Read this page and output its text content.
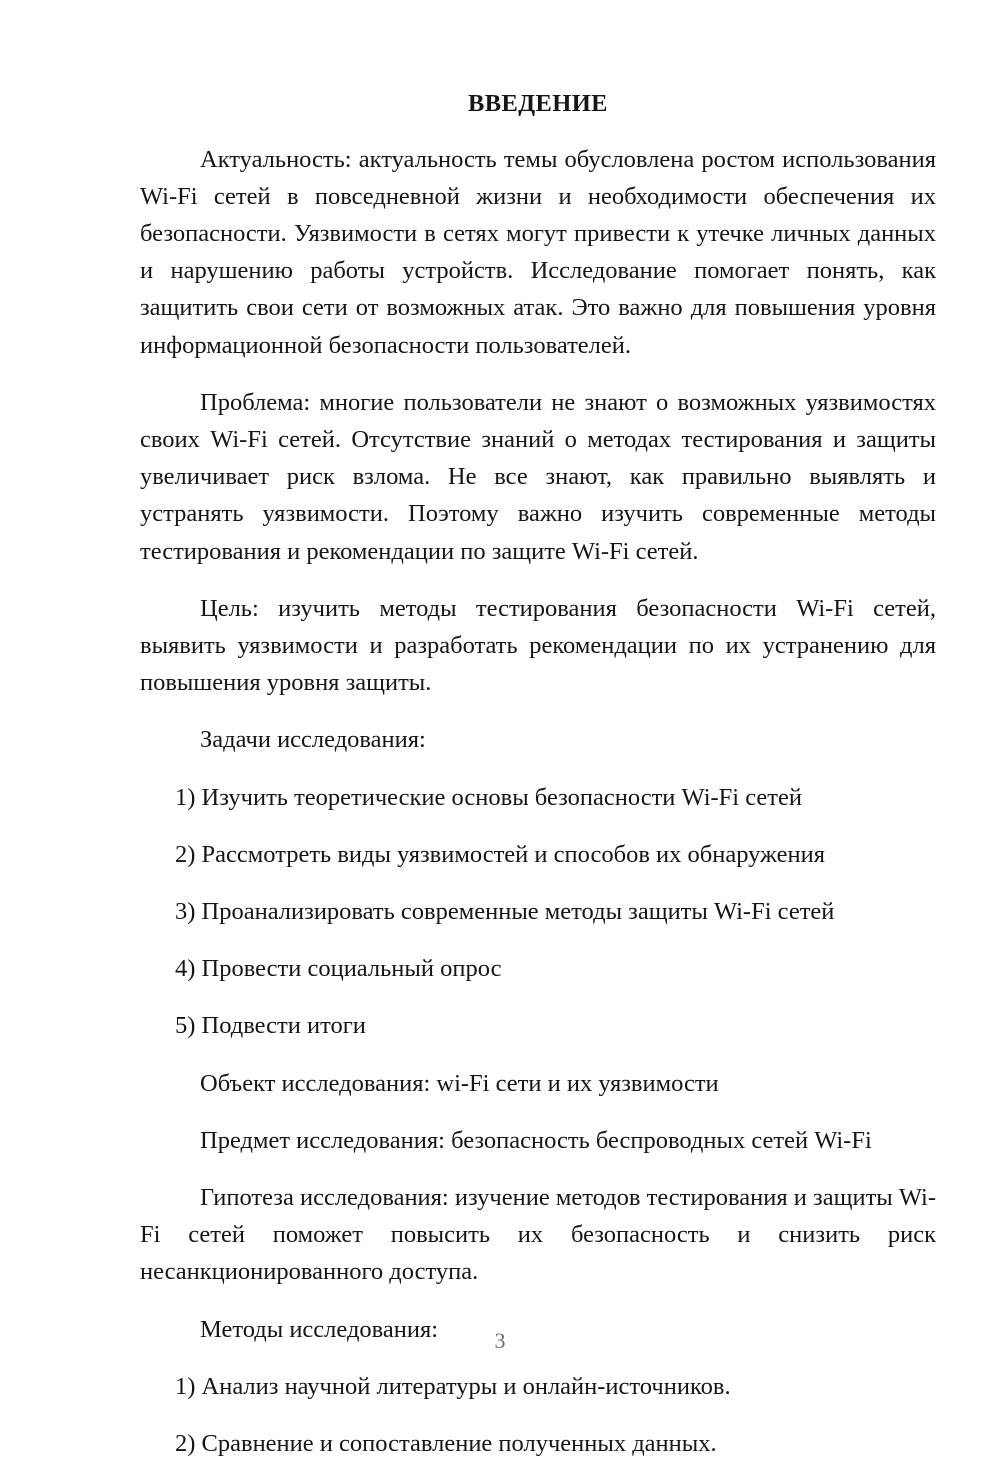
ВВЕДЕНИЕ

Актуальность: актуальность темы обусловлена ростом использования Wi-Fi сетей в повседневной жизни и необходимости обеспечения их безопасности. Уязвимости в сетях могут привести к утечке личных данных и нарушению работы устройств. Исследование помогает понять, как защитить свои сети от возможных атак. Это важно для повышения уровня информационной безопасности пользователей.

Проблема: многие пользователи не знают о возможных уязвимостях своих Wi-Fi сетей. Отсутствие знаний о методах тестирования и защиты увеличивает риск взлома. Не все знают, как правильно выявлять и устранять уязвимости. Поэтому важно изучить современные методы тестирования и рекомендации по защите Wi-Fi сетей.

Цель: изучить методы тестирования безопасности Wi-Fi сетей, выявить уязвимости и разработать рекомендации по их устранению для повышения уровня защиты.

Задачи исследования:

1) Изучить теоретические основы безопасности Wi-Fi сетей
2) Рассмотреть виды уязвимостей и способов их обнаружения
3) Проанализировать современные методы защиты Wi-Fi сетей
4) Провести социальный опрос
5) Подвести итоги

Объект исследования: wi-Fi сети и их уязвимости

Предмет исследования: безопасность беспроводных сетей Wi-Fi

Гипотеза исследования: изучение методов тестирования и защиты Wi-Fi сетей поможет повысить их безопасность и снизить риск несанкционированного доступа.

Методы исследования:

1) Анализ научной литературы и онлайн-источников.
2) Сравнение и сопоставление полученных данных.
3
